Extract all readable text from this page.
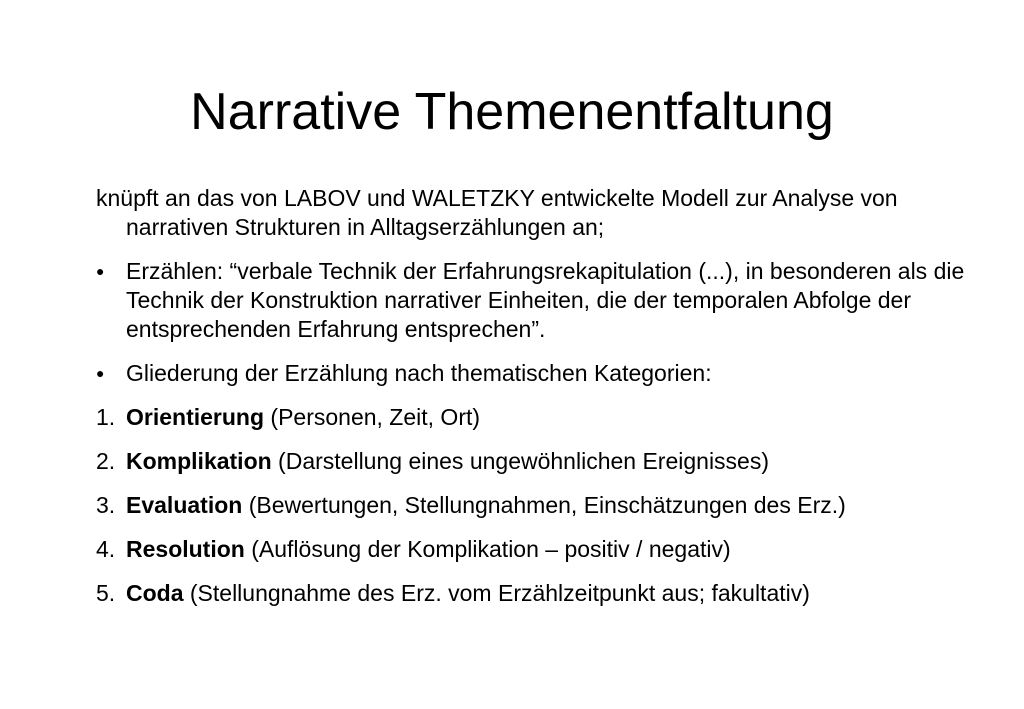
Narrative Themenentfaltung

knüpft an das von LABOV und WALETZKY entwickelte Modell zur Analyse von narrativen Strukturen in Alltagserzählungen an;

● Erzählen: “verbale Technik der Erfahrungsrekapitulation (...), in besonderen als die Technik der Konstruktion narrativer Einheiten, die der temporalen Abfolge der entsprechenden Erfahrung entsprechen”.
● Gliederung der Erzählung nach thematischen Kategorien:
1. Orientierung (Personen, Zeit, Ort)
2. Komplikation (Darstellung eines ungewöhnlichen Ereignisses)
3. Evaluation (Bewertungen, Stellungnahmen, Einschätzungen des Erz.)
4. Resolution (Auflösung der Komplikation – positiv / negativ)
5. Coda (Stellungnahme des Erz. vom Erzählzeitpunkt aus; fakultativ)
